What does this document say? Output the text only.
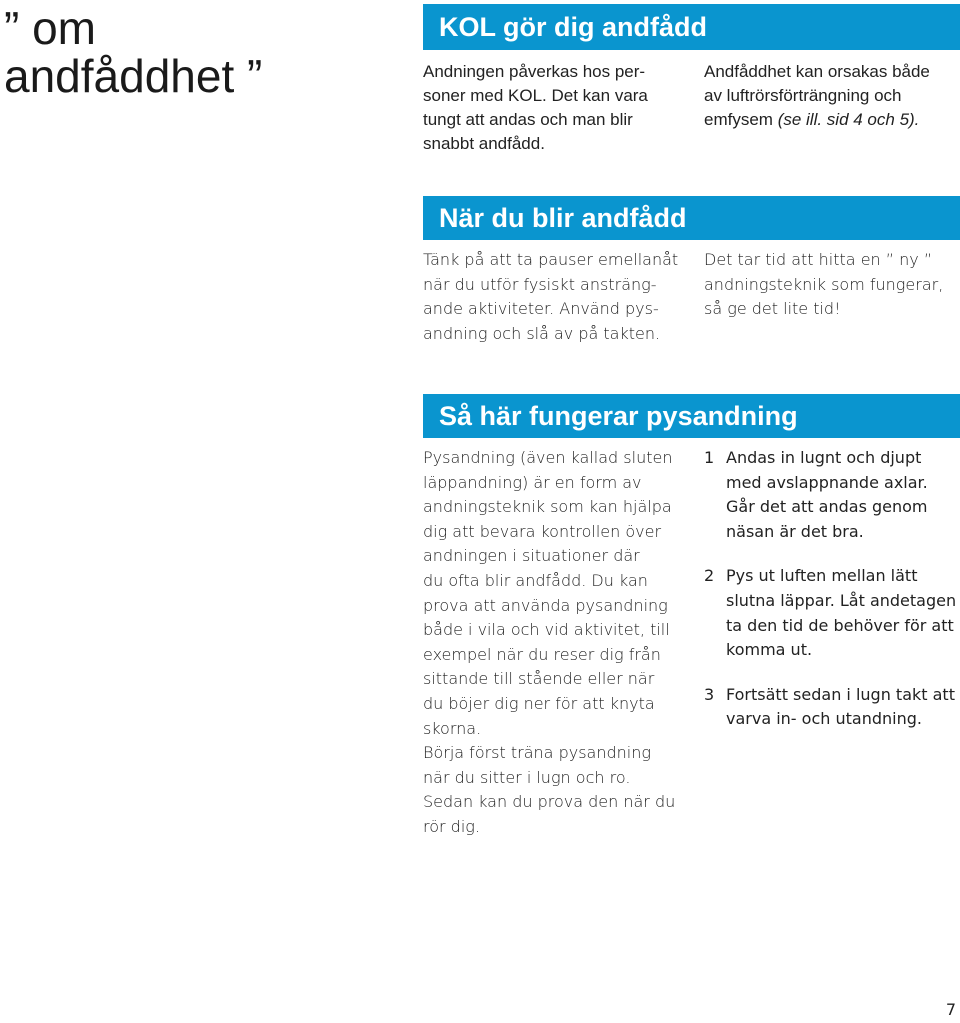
” om
andfåddhet ”
KOL gör dig andfådd

Andningen påverkas hos per-
soner med KOL. Det kan vara
tungt att andas och man blir
snabbt andfådd.

Andfåddhet kan orsakas både
av luftrörsförträngning och
emfysem (se ill. sid 4 och 5).

När du blir andfådd

Tänk på att ta pauser emellanåt
när du utför fysiskt ansträng-
ande aktiviteter. Använd pys-
andning och slå av på takten.

Det tar tid att hitta en ” ny ”
andningsteknik som fungerar,
så ge det lite tid!

Så här fungerar pysandning

Pysandning (även kallad sluten
läppandning) är en form av
andningsteknik som kan hjälpa
dig att bevara kontrollen över
andningen i situationer där
du ofta blir andfådd. Du kan
prova att använda pysandning
både i vila och vid aktivitet, till
exempel när du reser dig från
sittande till stående eller när
du böjer dig ner för att knyta
skorna.
Börja först träna pysandning
när du sitter i lugn och ro.
Sedan kan du prova den när du
rör dig.

1 Andas in lugnt och djupt
med avslappnande axlar.
Går det att andas genom
näsan är det bra.
2 Pys ut luften mellan lätt
slutna läppar. Låt andetagen
ta den tid de behöver för att
komma ut.
3 Fortsätt sedan i lugn takt att
varva in- och utandning.
7
